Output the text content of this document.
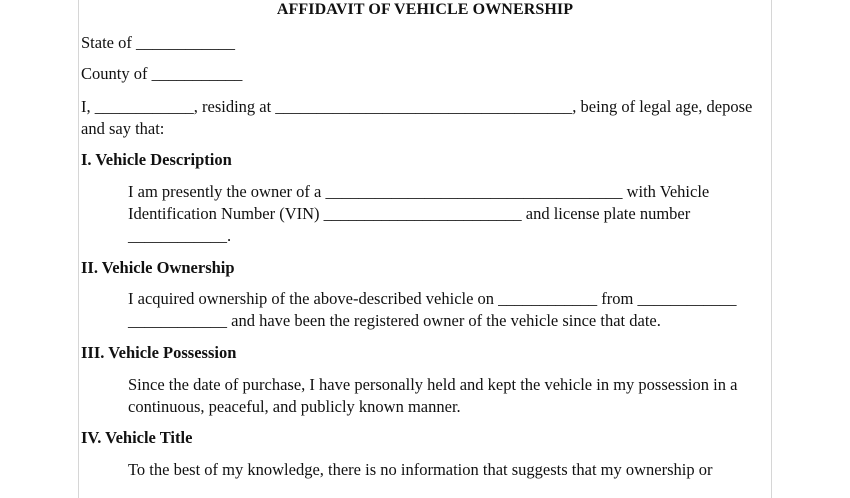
AFFIDAVIT OF VEHICLE OWNERSHIP
State of ____________
County of ___________
I, ____________, residing at ____________________________________, being of legal age, depose
and say that:
I. Vehicle Description
I am presently the owner of a ____________________________________ with Vehicle
Identification Number (VIN) ________________________ and license plate number
____________.
II. Vehicle Ownership
I acquired ownership of the above-described vehicle on ____________ from ____________
____________ and have been the registered owner of the vehicle since that date.
III. Vehicle Possession
Since the date of purchase, I have personally held and kept the vehicle in my possession in a
continuous, peaceful, and publicly known manner.
IV. Vehicle Title
To the best of my knowledge, there is no information that suggests that my ownership or
